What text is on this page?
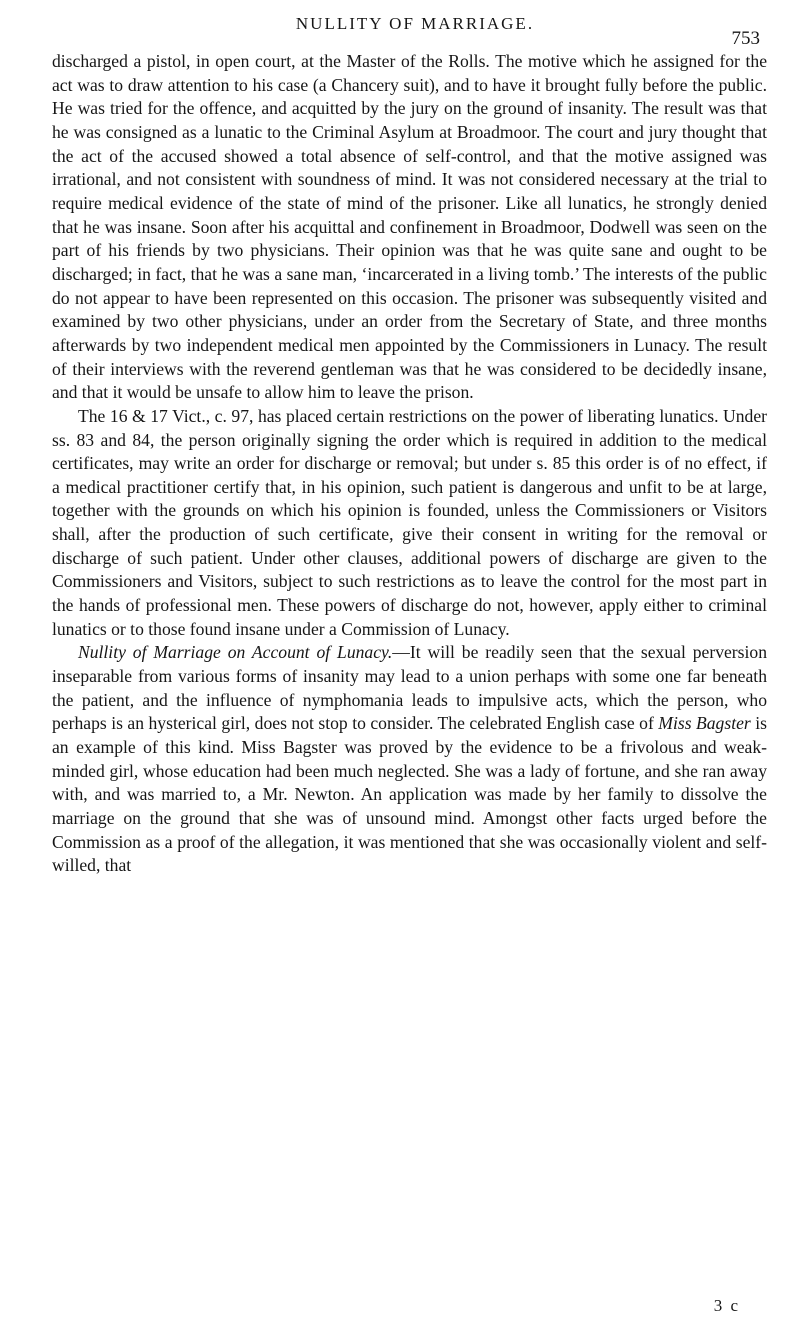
NULLITY OF MARRIAGE.
753

discharged a pistol, in open court, at the Master of the Rolls. The motive which he assigned for the act was to draw attention to his case (a Chancery suit), and to have it brought fully before the public. He was tried for the offence, and acquitted by the jury on the ground of insanity. The result was that he was consigned as a lunatic to the Criminal Asylum at Broadmoor. The court and jury thought that the act of the accused showed a total absence of self-control, and that the motive assigned was irrational, and not consistent with soundness of mind. It was not considered necessary at the trial to require medical evidence of the state of mind of the prisoner. Like all lunatics, he strongly denied that he was insane. Soon after his acquittal and confinement in Broadmoor, Dodwell was seen on the part of his friends by two physicians. Their opinion was that he was quite sane and ought to be discharged; in fact, that he was a sane man, ‘incarcerated in a living tomb.’ The interests of the public do not appear to have been represented on this occasion. The prisoner was subsequently visited and examined by two other physicians, under an order from the Secretary of State, and three months afterwards by two independent medical men appointed by the Commissioners in Lunacy. The result of their interviews with the reverend gentleman was that he was considered to be decidedly insane, and that it would be unsafe to allow him to leave the prison.

The 16 & 17 Vict., c. 97, has placed certain restrictions on the power of liberating lunatics. Under ss. 83 and 84, the person originally signing the order which is required in addition to the medical certificates, may write an order for discharge or removal; but under s. 85 this order is of no effect, if a medical practitioner certify that, in his opinion, such patient is dangerous and unfit to be at large, together with the grounds on which his opinion is founded, unless the Commissioners or Visitors shall, after the production of such certificate, give their consent in writing for the removal or discharge of such patient. Under other clauses, additional powers of discharge are given to the Commissioners and Visitors, subject to such restrictions as to leave the control for the most part in the hands of professional men. These powers of discharge do not, however, apply either to criminal lunatics or to those found insane under a Commission of Lunacy.

Nullity of Marriage on Account of Lunacy.—It will be readily seen that the sexual perversion inseparable from various forms of insanity may lead to a union perhaps with some one far beneath the patient, and the influence of nymphomania leads to impulsive acts, which the person, who perhaps is an hysterical girl, does not stop to consider. The celebrated English case of Miss Bagster is an example of this kind. Miss Bagster was proved by the evidence to be a frivolous and weak-minded girl, whose education had been much neglected. She was a lady of fortune, and she ran away with, and was married to, a Mr. Newton. An application was made by her family to dissolve the marriage on the ground that she was of unsound mind. Amongst other facts urged before the Commission as a proof of the allegation, it was mentioned that she was occasionally violent and self-willed, that

3 c
